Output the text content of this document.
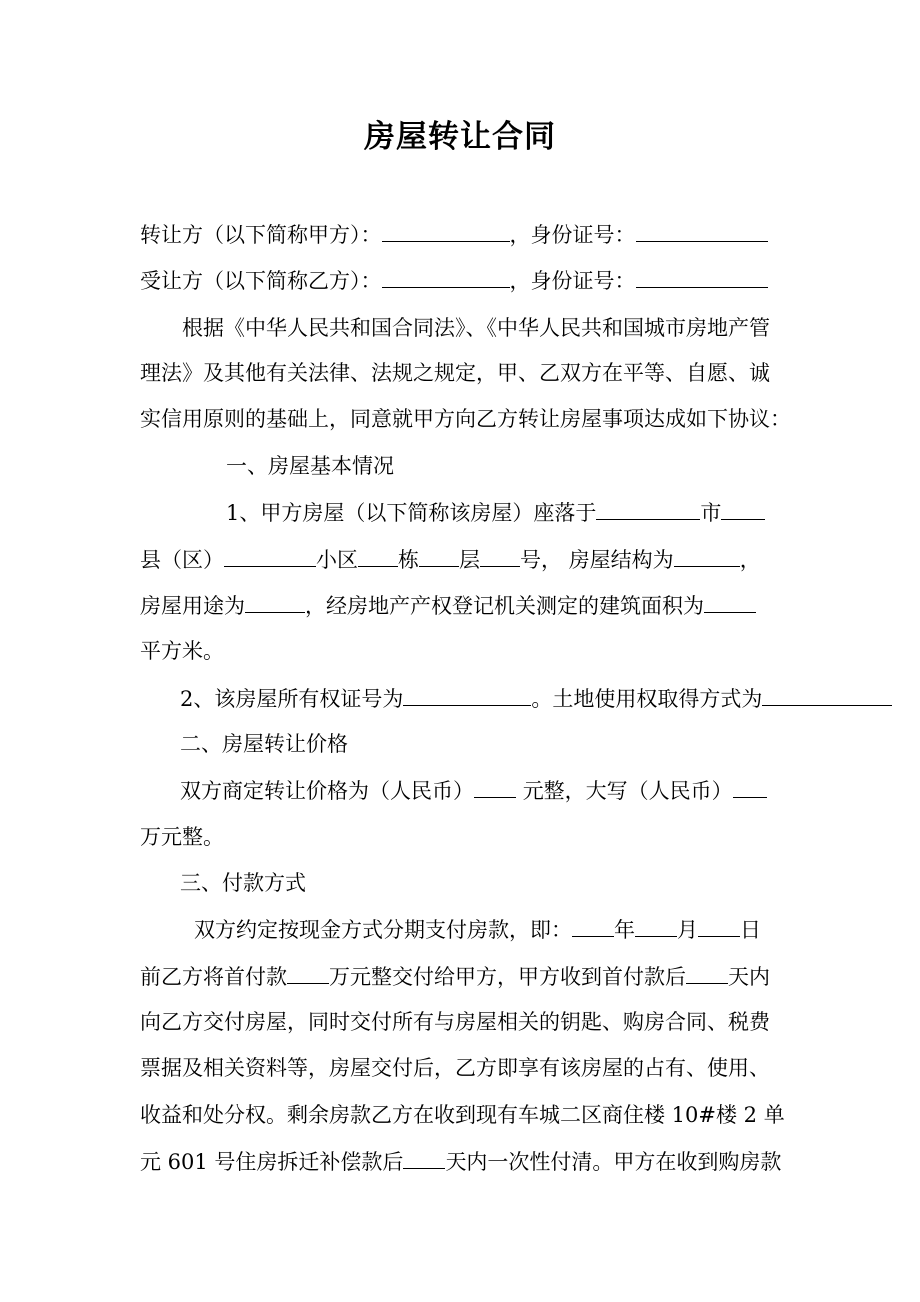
房屋转让合同

转让方（以下简称甲方）：	，身份证号：

受让方（以下简称乙方）：	，身份证号：

根据《中华人民共和国合同法》、《中华人民共和国城市房地产管

理法》及其他有关法律、法规之规定，甲、乙双方在平等、自愿、诚

实信用原则的基础上，同意就甲方向乙方转让房屋事项达成如下协议：

一、房屋基本情况

1、甲方房屋（以下简称该房屋）座落于	市

县（区）	小区 栋 层 号， 房屋结构为	，

房屋用途为	，经房地产产权登记机关测定的建筑面积为

平方米。

2、该房屋所有权证号为	。土地使用权取得方式为

二、房屋转让价格

双方商定转让价格为（人民币） 元整，大写（人民币）

万元整。

三、付款方式

双方约定按现金方式分期支付房款，即： 年 月 日

前乙方将首付款 万元整交付给甲方，甲方收到首付款后 天内

向乙方交付房屋，同时交付所有与房屋相关的钥匙、购房合同、税费

票据及相关资料等，房屋交付后，乙方即享有该房屋的占有、使用、

收益和处分权。剩余房款乙方在收到现有车城二区商住楼 10#楼 2 单

元 601 号住房拆迁补偿款后 天内一次性付清。甲方在收到购房款
